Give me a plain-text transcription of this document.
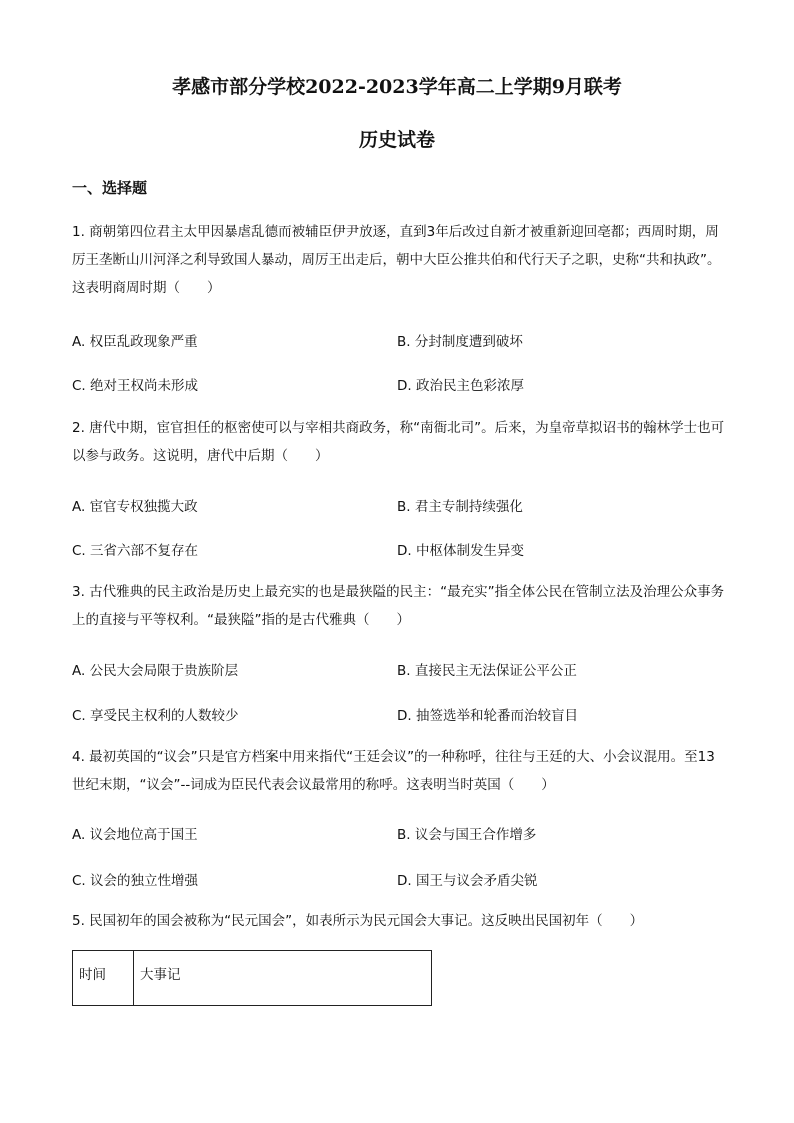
孝感市部分学校2022-2023学年高二上学期9月联考
历史试卷
一、选择题

1. 商朝第四位君主太甲因暴虐乱德而被辅臣伊尹放逐，直到3年后改过自新才被重新迎回亳都；西周时期，周厉王垄断山川河泽之利导致国人暴动，周厉王出走后，朝中大臣公推共伯和代行天子之职，史称“共和执政”。这表明商周时期（　　）

A. 权臣乱政现象严重	B. 分封制度遭到破坏
C. 绝对王权尚未形成	D. 政治民主色彩浓厚

2. 唐代中期，宦官担任的枢密使可以与宰相共商政务，称“南衙北司”。后来，为皇帝草拟诏书的翰林学士也可以参与政务。这说明，唐代中后期（　　）

A. 宦官专权独揽大政	B. 君主专制持续强化
C. 三省六部不复存在	D. 中枢体制发生异变

3. 古代雅典的民主政治是历史上最充实的也是最狭隘的民主：“最充实”指全体公民在管制立法及治理公众事务上的直接与平等权利。“最狭隘”指的是古代雅典（　　）

A. 公民大会局限于贵族阶层	B. 直接民主无法保证公平公正
C. 享受民主权利的人数较少	D. 抽签选举和轮番而治较盲目

4. 最初英国的“议会”只是官方档案中用来指代“王廷会议”的一种称呼，往往与王廷的大、小会议混用。至13世纪末期，“议会”--词成为臣民代表会议最常用的称呼。这表明当时英国（　　）

A. 议会地位高于国王	B. 议会与国王合作增多
C. 议会的独立性增强	D. 国王与议会矛盾尖锐

5. 民国初年的国会被称为“民元国会”，如表所示为民元国会大事记。这反映出民国初年（　　）

时间	大事记
